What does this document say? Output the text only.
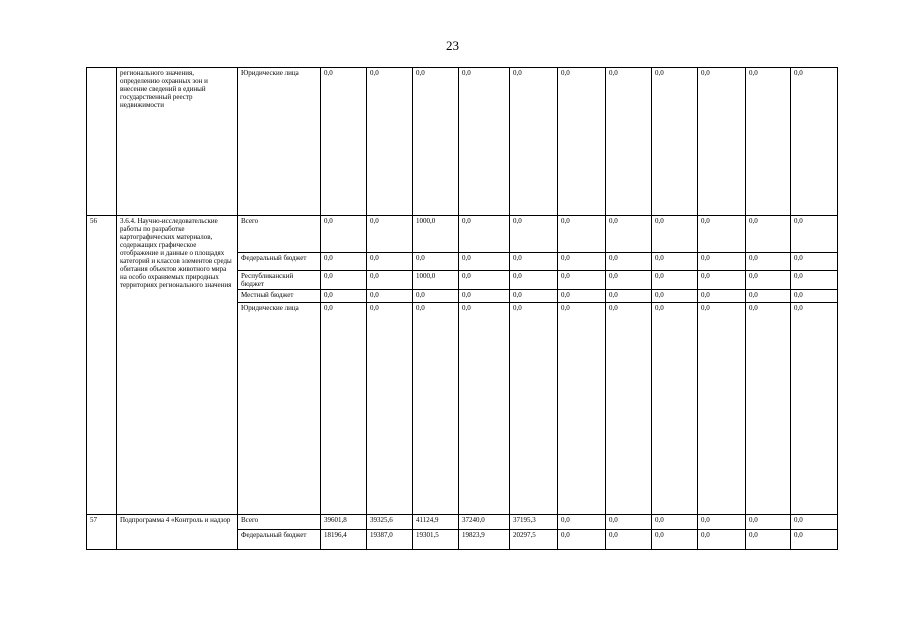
23
	регионального значения, определению охранных зон и внесение сведений в единый государственный реестр недвижимости	Юридические лица	0,0	0,0	0,0	0,0	0,0	0,0	0,0	0,0	0,0	0,0	0,0
56	3.6.4. Научно-исследовательские работы по разработке картографических материалов, содержащих графическое отображение и данные о площадях категорий и классов элементов среды обитания объектов животного мира на особо охраняемых природных территориях регионального значения	Всего	0,0	0,0	1000,0	0,0	0,0	0,0	0,0	0,0	0,0	0,0	0,0
		Федеральный бюджет	0,0	0,0	0,0	0,0	0,0	0,0	0,0	0,0	0,0	0,0	0,0
		Республиканский бюджет	0,0	0,0	1000,0	0,0	0,0	0,0	0,0	0,0	0,0	0,0	0,0
		Местный бюджет	0,0	0,0	0,0	0,0	0,0	0,0	0,0	0,0	0,0	0,0	0,0
		Юридические лица	0,0	0,0	0,0	0,0	0,0	0,0	0,0	0,0	0,0	0,0	0,0
57	Подпрограмма 4 «Контроль и надзор	Всего	39601,8	39325,6	41124,9	37240,0	37195,3	0,0	0,0	0,0	0,0	0,0	0,0
		Федеральный бюджет	18196,4	19387,0	19301,5	19823,9	20297,5	0,0	0,0	0,0	0,0	0,0	0,0
